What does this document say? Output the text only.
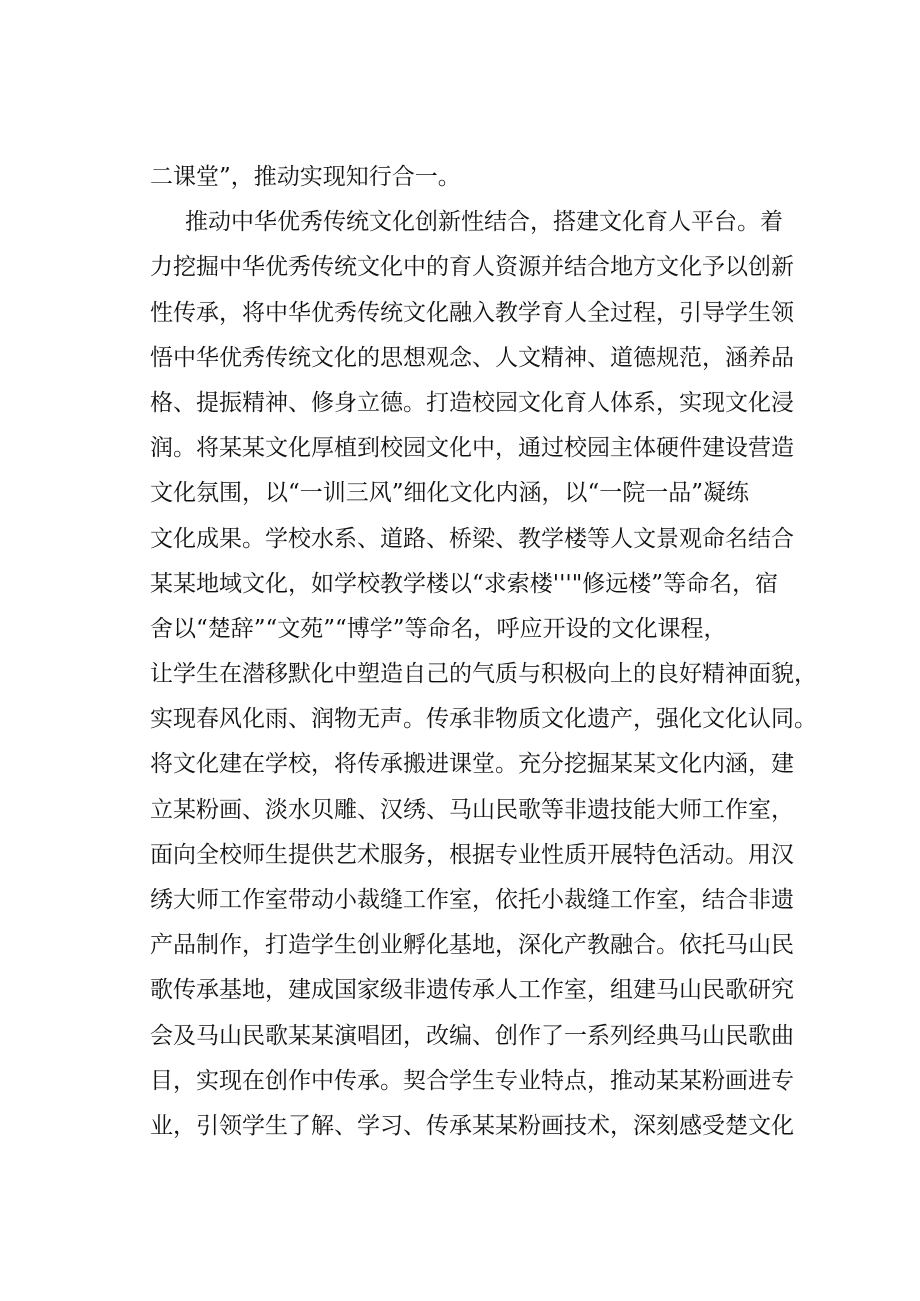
二课堂”，推动实现知行合一。
推动中华优秀传统文化创新性结合，搭建文化育人平台。着
力挖掘中华优秀传统文化中的育人资源并结合地方文化予以创新
性传承，将中华优秀传统文化融入教学育人全过程，引导学生领
悟中华优秀传统文化的思想观念、人文精神、道德规范，涵养品
格、提振精神、修身立德。打造校园文化育人体系，实现文化浸
润。将某某文化厚植到校园文化中，通过校园主体硬件建设营造
文化氛围，以“一训三风”细化文化内涵，以“一院一品”凝练
文化成果。学校水系、道路、桥梁、教学楼等人文景观命名结合
某某地域文化，如学校教学楼以“求索楼'''"修远楼”等命名，宿
舍以“楚辞”“文苑”“博学”等命名，呼应开设的文化课程，
让学生在潜移默化中塑造自己的气质与积极向上的良好精神面貌，
实现春风化雨、润物无声。传承非物质文化遗产，强化文化认同。
将文化建在学校，将传承搬进课堂。充分挖掘某某文化内涵，建
立某粉画、淡水贝雕、汉绣、马山民歌等非遗技能大师工作室，
面向全校师生提供艺术服务，根据专业性质开展特色活动。用汉
绣大师工作室带动小裁缝工作室，依托小裁缝工作室，结合非遗
产品制作，打造学生创业孵化基地，深化产教融合。依托马山民
歌传承基地，建成国家级非遗传承人工作室，组建马山民歌研究
会及马山民歌某某演唱团，改编、创作了一系列经典马山民歌曲
目，实现在创作中传承。契合学生专业特点，推动某某粉画进专
业，引领学生了解、学习、传承某某粉画技术，深刻感受楚文化
